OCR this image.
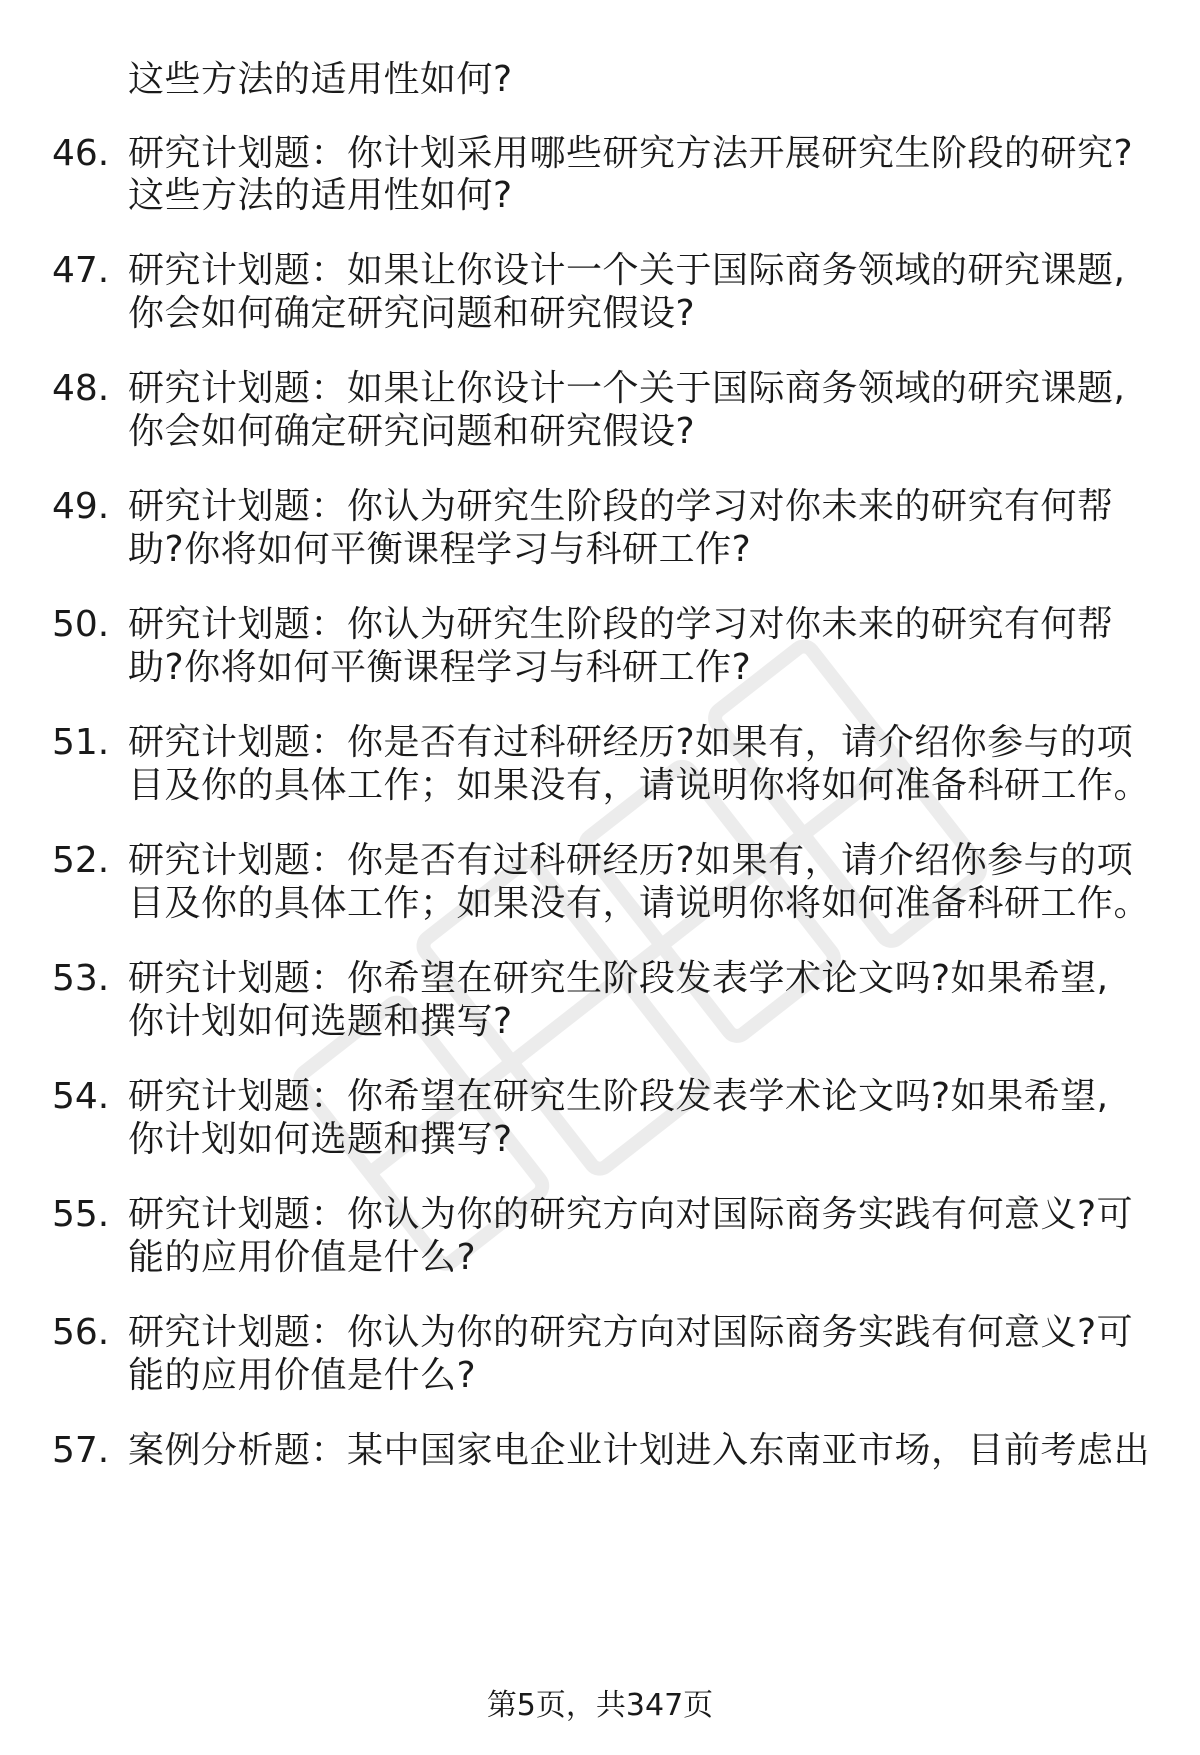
这些方法的适用性如何?
46. 研究计划题：你计划采用哪些研究方法开展研究生阶段的研究?
这些方法的适用性如何?
47. 研究计划题：如果让你设计一个关于国际商务领域的研究课题,
你会如何确定研究问题和研究假设?
48. 研究计划题：如果让你设计一个关于国际商务领域的研究课题,
你会如何确定研究问题和研究假设?
49. 研究计划题：你认为研究生阶段的学习对你未来的研究有何帮
助?你将如何平衡课程学习与科研工作?
50. 研究计划题：你认为研究生阶段的学习对你未来的研究有何帮
助?你将如何平衡课程学习与科研工作?
51. 研究计划题：你是否有过科研经历?如果有，请介绍你参与的项
目及你的具体工作；如果没有，请说明你将如何准备科研工作。
52. 研究计划题：你是否有过科研经历?如果有，请介绍你参与的项
目及你的具体工作；如果没有，请说明你将如何准备科研工作。
53. 研究计划题：你希望在研究生阶段发表学术论文吗?如果希望,
你计划如何选题和撰写?
54. 研究计划题：你希望在研究生阶段发表学术论文吗?如果希望,
你计划如何选题和撰写?
55. 研究计划题：你认为你的研究方向对国际商务实践有何意义?可
能的应用价值是什么?
56. 研究计划题：你认为你的研究方向对国际商务实践有何意义?可
能的应用价值是什么?
57. 案例分析题：某中国家电企业计划进入东南亚市场，目前考虑出
第5页，共347页
